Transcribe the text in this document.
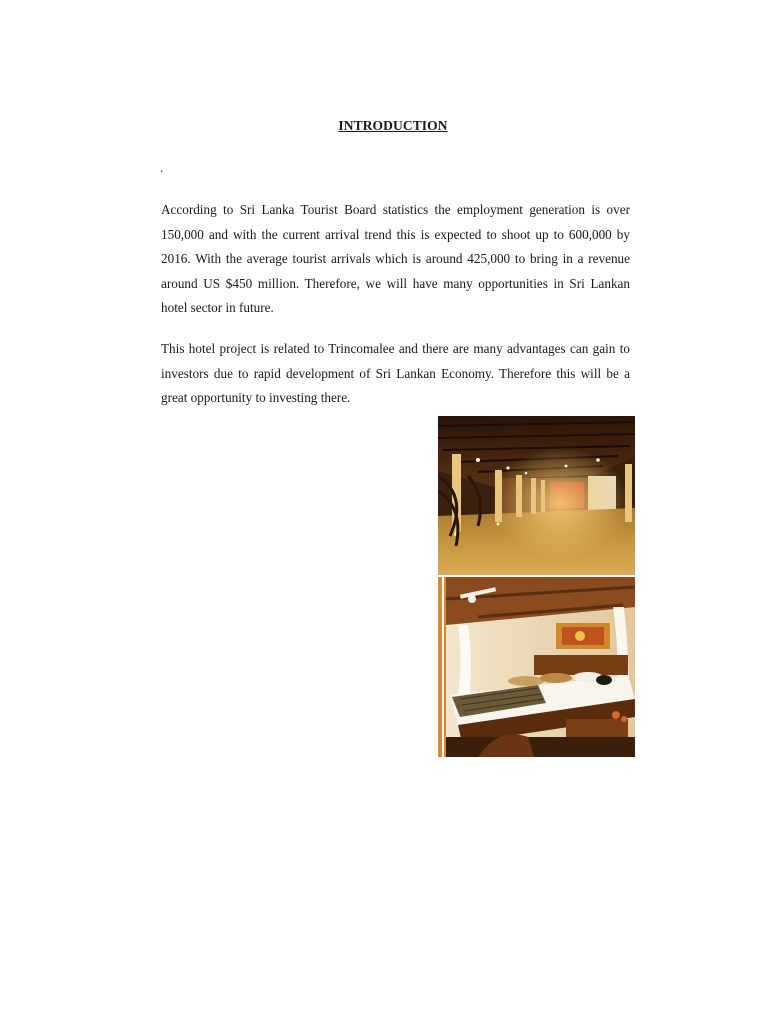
INTRODUCTION
.
According to Sri Lanka Tourist Board statistics the employment generation is over 150,000 and with the current arrival trend this is expected to shoot up to 600,000 by 2016. With the average tourist arrivals which is around 425,000 to bring in a revenue around US $450 million. Therefore, we will have many opportunities in Sri Lankan hotel sector in future.
This hotel project is related to Trincomalee and there are many advantages can gain to investors due to rapid development of Sri Lankan Economy. Therefore this will be a great opportunity to investing there.
